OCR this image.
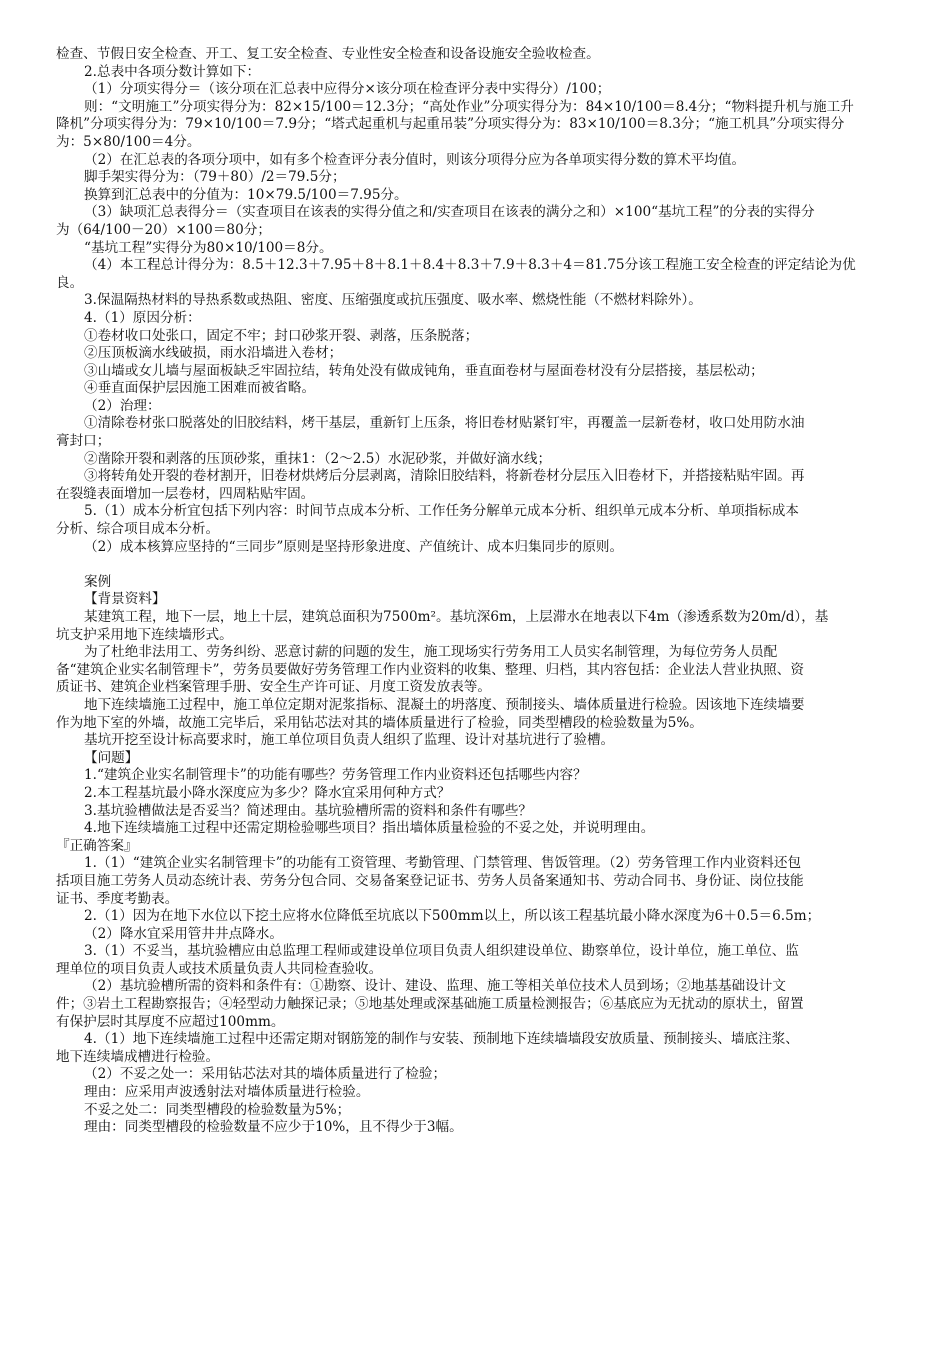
检查、节假日安全检查、开工、复工安全检查、专业性安全检查和设备设施安全验收检查。

2.总表中各项分数计算如下：

（1）分项实得分＝（该分项在汇总表中应得分×该分项在检查评分表中实得分）/100；

则：“文明施工”分项实得分为：82×15/100＝12.3分；“高处作业”分项实得分为：84×10/100＝8.4分；“物料提升机与施工升

降机”分项实得分为：79×10/100＝7.9分；“塔式起重机与起重吊装”分项实得分为：83×10/100＝8.3分；“施工机具”分项实得分

为：5×80/100＝4分。

（2）在汇总表的各项分项中，如有多个检查评分表分值时，则该分项得分应为各单项实得分数的算术平均值。

脚手架实得分为：（79＋80）/2＝79.5分；

换算到汇总表中的分值为：10×79.5/100＝7.95分。

（3）缺项汇总表得分＝（实查项目在该表的实得分值之和/实查项目在该表的满分之和）×100“基坑工程”的分表的实得分

为（64/100－20）×100＝80分；

“基坑工程”实得分为80×10/100＝8分。

（4）本工程总计得分为：8.5＋12.3＋7.95＋8＋8.1＋8.4＋8.3＋7.9＋8.3＋4＝81.75分该工程施工安全检查的评定结论为优

良。

3.保温隔热材料的导热系数或热阻、密度、压缩强度或抗压强度、吸水率、燃烧性能（不燃材料除外）。

4.（1）原因分析：

①卷材收口处张口，固定不牢；封口砂浆开裂、剥落，压条脱落；

②压顶板滴水线破损，雨水沿墙进入卷材；

③山墙或女儿墙与屋面板缺乏牢固拉结，转角处没有做成钝角，垂直面卷材与屋面卷材没有分层搭接，基层松动；

④垂直面保护层因施工困难而被省略。

（2）治理：

①清除卷材张口脱落处的旧胶结料，烤干基层，重新钉上压条，将旧卷材贴紧钉牢，再覆盖一层新卷材，收口处用防水油

膏封口；

②凿除开裂和剥落的压顶砂浆，重抹1：（2～2.5）水泥砂浆，并做好滴水线；

③将转角处开裂的卷材割开，旧卷材烘烤后分层剥离，清除旧胶结料，将新卷材分层压入旧卷材下，并搭接粘贴牢固。再

在裂缝表面增加一层卷材，四周粘贴牢固。

5.（1）成本分析宜包括下列内容：时间节点成本分析、工作任务分解单元成本分析、组织单元成本分析、单项指标成本

分析、综合项目成本分析。

（2）成本核算应坚持的“三同步”原则是坚持形象进度、产值统计、成本归集同步的原则。

案例

【背景资料】

某建筑工程，地下一层，地上十层，建筑总面积为7500m²。基坑深6m，上层滞水在地表以下4m（渗透系数为20m/d），基

坑支护采用地下连续墙形式。

为了杜绝非法用工、劳务纠纷、恶意讨薪的问题的发生，施工现场实行劳务用工人员实名制管理，为每位劳务人员配

备“建筑企业实名制管理卡”，劳务员要做好劳务管理工作内业资料的收集、整理、归档，其内容包括：企业法人营业执照、资

质证书、建筑企业档案管理手册、安全生产许可证、月度工资发放表等。

地下连续墙施工过程中，施工单位定期对泥浆指标、混凝土的坍落度、预制接头、墙体质量进行检验。因该地下连续墙要

作为地下室的外墙，故施工完毕后，采用钻芯法对其的墙体质量进行了检验，同类型槽段的检验数量为5%。

基坑开挖至设计标高要求时，施工单位项目负责人组织了监理、设计对基坑进行了验槽。

【问题】

1.“建筑企业实名制管理卡”的功能有哪些？劳务管理工作内业资料还包括哪些内容？

2.本工程基坑最小降水深度应为多少？降水宜采用何种方式？

3.基坑验槽做法是否妥当？简述理由。基坑验槽所需的资料和条件有哪些？

4.地下连续墙施工过程中还需定期检验哪些项目？指出墙体质量检验的不妥之处，并说明理由。

『正确答案』

1.（1）“建筑企业实名制管理卡”的功能有工资管理、考勤管理、门禁管理、售饭管理。（2）劳务管理工作内业资料还包

括项目施工劳务人员动态统计表、劳务分包合同、交易备案登记证书、劳务人员备案通知书、劳动合同书、身份证、岗位技能

证书、季度考勤表。

2.（1）因为在地下水位以下挖土应将水位降低至坑底以下500mm以上，所以该工程基坑最小降水深度为6＋0.5＝6.5m；

（2）降水宜采用管井井点降水。

3.（1）不妥当，基坑验槽应由总监理工程师或建设单位项目负责人组织建设单位、勘察单位，设计单位，施工单位、监

理单位的项目负责人或技术质量负责人共同检查验收。

（2）基坑验槽所需的资料和条件有：①勘察、设计、建设、监理、施工等相关单位技术人员到场；②地基基础设计文

件；③岩土工程勘察报告；④轻型动力触探记录；⑤地基处理或深基础施工质量检测报告；⑥基底应为无扰动的原状土，留置

有保护层时其厚度不应超过100mm。

4.（1）地下连续墙施工过程中还需定期对钢筋笼的制作与安装、预制地下连续墙墙段安放质量、预制接头、墙底注浆、

地下连续墙成槽进行检验。

（2）不妥之处一：采用钻芯法对其的墙体质量进行了检验；

理由：应采用声波透射法对墙体质量进行检验。

不妥之处二：同类型槽段的检验数量为5%；

理由：同类型槽段的检验数量不应少于10%，且不得少于3幅。
